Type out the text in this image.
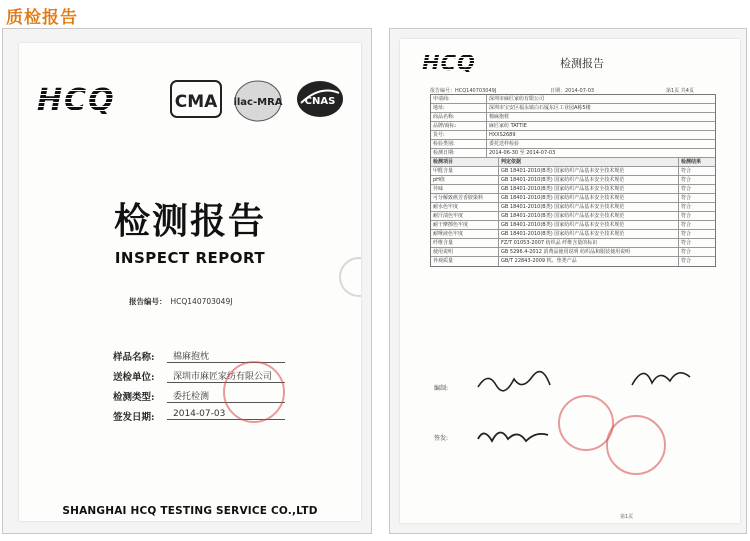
质检报告
HCQ	CMA ilac-MRA CNAS
检测报告
INSPECT REPORT
报告编号： HCQ140703049J
样品名称:	棉麻抱枕
送检单位:	深圳市麻匠家纺有限公司
检测类型:	委托检测
签发日期:	2014-07-03
SHANGHAI HCQ TESTING SERVICE CO.,LTD
HCQ	检测报告
报告编号：HCQ140703049J	日期：2014-07-03	第1页 共4页
申请商:	深圳市麻匠家纺有限公司
地址:	深圳市宝安区福永镇白石厦东区工业园A栋5楼
商品名称:	棉麻抱枕
品牌/商标:	麻匠家纺 TATTIE
货号:	HXXS2689
检验类别:	委托送样检验
检测日期:	2014-06-30 至 2014-07-03
检测项目	判定依据	检测结果
甲醛含量	GB 18401-2010(B类) 国家纺织产品基本安全技术规范	符合
pH值	GB 18401-2010(B类) 国家纺织产品基本安全技术规范	符合
异味	GB 18401-2010(B类) 国家纺织产品基本安全技术规范	符合
可分解致癌芳香胺染料	GB 18401-2010(B类) 国家纺织产品基本安全技术规范	符合
耐水色牢度	GB 18401-2010(B类) 国家纺织产品基本安全技术规范	符合
耐汗渍色牢度	GB 18401-2010(B类) 国家纺织产品基本安全技术规范	符合
耐干摩擦色牢度	GB 18401-2010(B类) 国家纺织产品基本安全技术规范	符合
耐唾液色牢度	GB 18401-2010(B类) 国家纺织产品基本安全技术规范	符合
纤维含量	FZ/T 01053-2007 纺织品 纤维含量的标识	符合
使用说明	GB 5296.4-2012 消费品使用说明 纺织品和服装使用说明	符合
外观质量	GB/T 22843-2009 枕、垫类产品	符合
编制:
签发:
第1页
